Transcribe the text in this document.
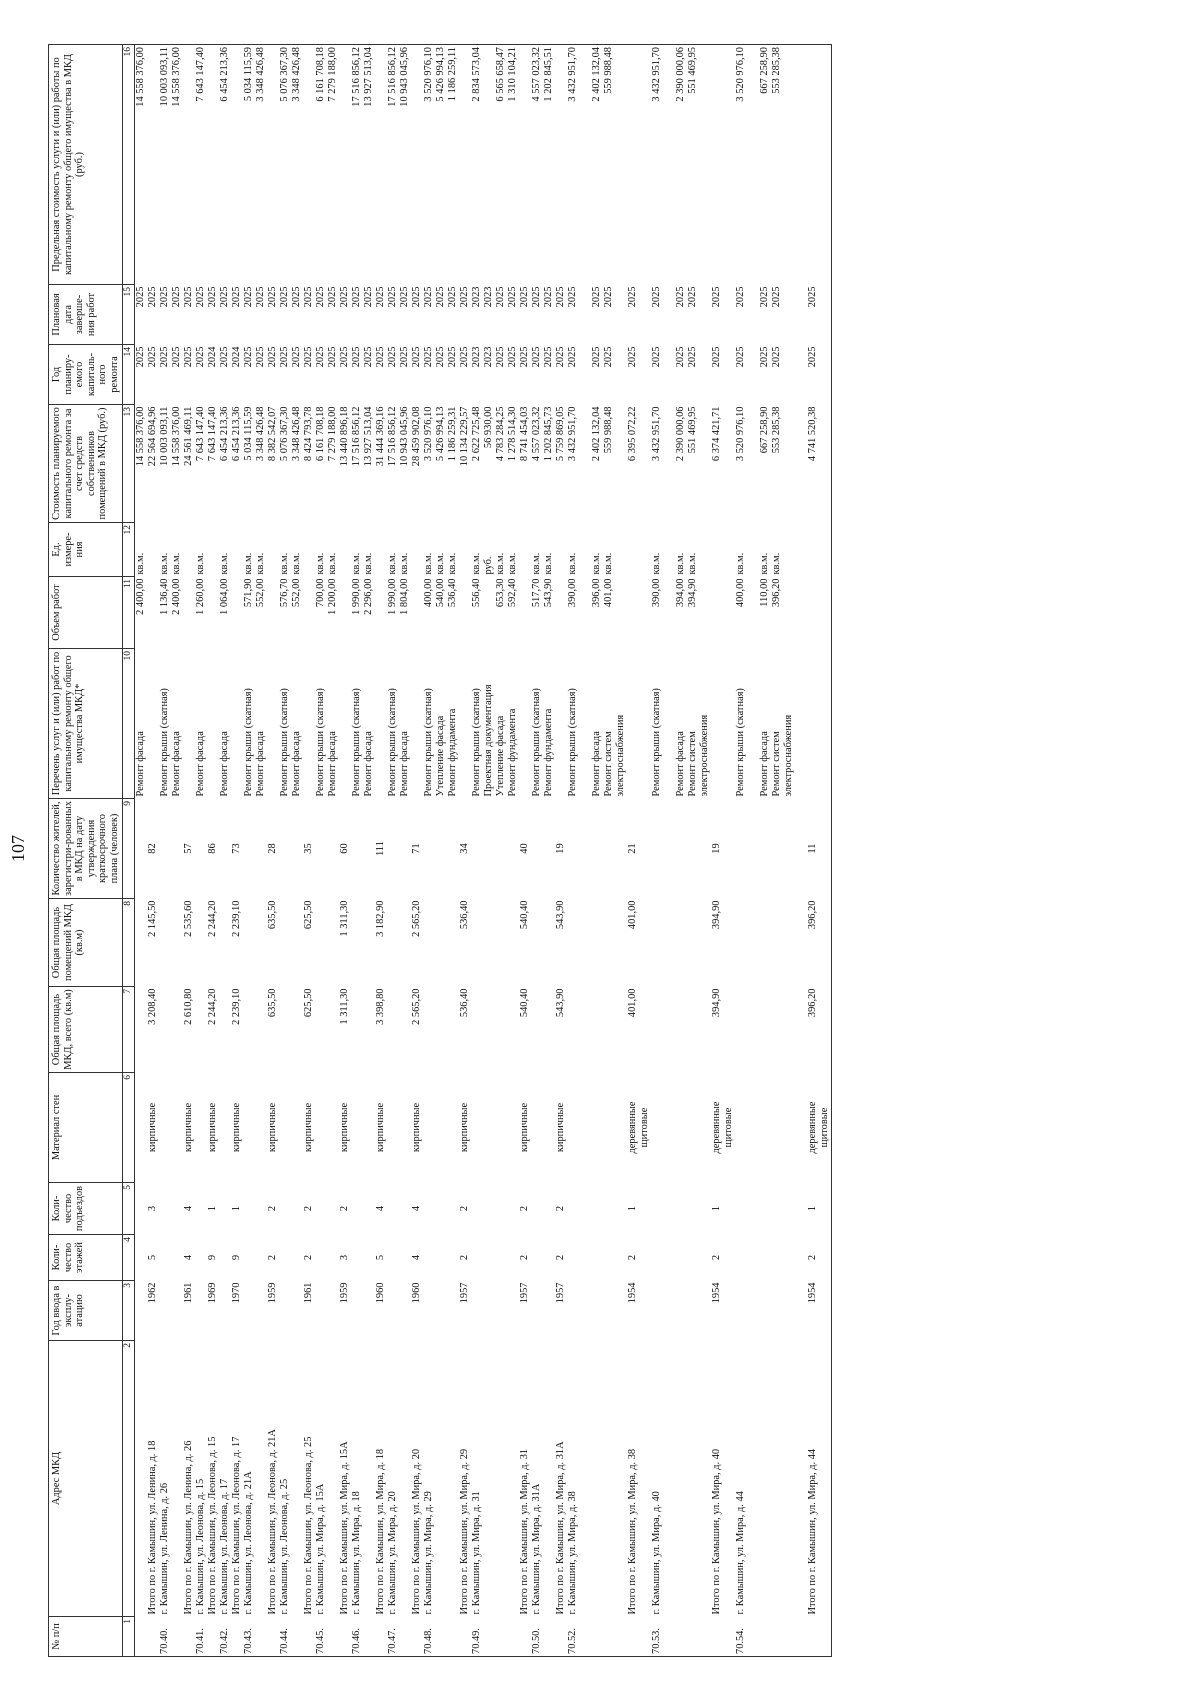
107
№ п/п	Адрес МКД	Год ввода в эксплу-атацию	Коли-чество этажей	Коли-чество подъездов	Материал стен	Общая площадь МКД, всего (кв.м)	Общая площадь помещений МКД (кв.м)	Количество жителей, зарегистри-рованных в МКД на дату утверждения краткосрочного плана (человек)	Перечень услуг и (или) работ по капитальному ремонту общего имущества МКД*	Объем работ	Ед. измере-ния	Стоимость планируемого капитального ремонта за счет средств собственников помещений в МКД (руб.)	Год планиру-емого капиталь-ного ремонта	Плановая дата заверше-ния работ	Предельная стоимость услуги и (или) работы по капитальному ремонту общего имущества в МКД (руб.)
1	2	3	4	5	6	7	8	9	10	11	12	13	14	15	16
									Ремонт фасада	2 400,00	кв.м.	14 558 376,00	2025	2025	14 558 376,00
	Итого по г. Камышин, ул. Ленина, д. 18	1962	5	3	кирпичные	3 208,40	2 145,50	82				22 564 694,96	2025	2025	
70.40.	г. Камышин, ул. Ленина, д. 26								Ремонт крыши (скатная)	1 136,40	кв.м.	10 003 093,11	2025	2025	10 003 093,11
									Ремонт фасада	2 400,00	кв.м.	14 558 376,00	2025	2025	14 558 376,00
	Итого по г. Камышин, ул. Ленина, д. 26	1961	4	4	кирпичные	2 610,80	2 535,60	57				24 561 469,11	2025	2025	
70.41.	г. Камышин, ул. Леонова, д. 15								Ремонт фасада	1 260,00	кв.м.	7 643 147,40	2025	2025	7 643 147,40
	Итого по г. Камышин, ул. Леонова, д. 15	1969	9	1	кирпичные	2 244,20	2 244,20	86				7 643 147,40	2024	2025	
70.42.	г. Камышин, ул. Леонова, д. 17								Ремонт фасада	1 064,00	кв.м.	6 454 213,36	2025	2025	6 454 213,36
	Итого по г. Камышин, ул. Леонова, д. 17	1970	9	1	кирпичные	2 239,10	2 239,10	73				6 454 213,36	2024	2025	
70.43.	г. Камышин, ул. Леонова, д. 21А								Ремонт крыши (скатная)	571,90	кв.м.	5 034 115,59	2025	2025	5 034 115,59
									Ремонт фасада	552,00	кв.м.	3 348 426,48	2025	2025	3 348 426,48
	Итого по г. Камышин, ул. Леонова, д. 21А	1959	2	2	кирпичные	635,50	635,50	28				8 382 542,07	2025	2025	
70.44.	г. Камышин, ул. Леонова, д. 25								Ремонт крыши (скатная)	576,70	кв.м.	5 076 367,30	2025	2025	5 076 367,30
									Ремонт фасада	552,00	кв.м.	3 348 426,48	2025	2025	3 348 426,48
	Итого по г. Камышин, ул. Леонова, д. 25	1961	2	2	кирпичные	625,50	625,50	35				8 424 793,78	2025	2025	
70.45.	г. Камышин, ул. Мира, д. 15А								Ремонт крыши (скатная)	700,00	кв.м.	6 161 708,18	2025	2025	6 161 708,18
									Ремонт фасада	1 200,00	кв.м.	7 279 188,00	2025	2025	7 279 188,00
	Итого по г. Камышин, ул. Мира, д. 15А	1959	3	2	кирпичные	1 311,30	1 311,30	60				13 440 896,18	2025	2025	
70.46.	г. Камышин, ул. Мира, д. 18								Ремонт крыши (скатная)	1 990,00	кв.м.	17 516 856,12	2025	2025	17 516 856,12
									Ремонт фасада	2 296,00	кв.м.	13 927 513,04	2025	2025	13 927 513,04
	Итого по г. Камышин, ул. Мира, д. 18	1960	5	4	кирпичные	3 398,80	3 182,90	111				31 444 369,16	2025	2025	
70.47.	г. Камышин, ул. Мира, д. 20								Ремонт крыши (скатная)	1 990,00	кв.м.	17 516 856,12	2025	2025	17 516 856,12
									Ремонт фасада	1 804,00	кв.м.	10 943 045,96	2025	2025	10 943 045,96
	Итого по г. Камышин, ул. Мира, д. 20	1960	4	4	кирпичные	2 565,20	2 565,20	71				28 459 902,08	2025	2025	
70.48.	г. Камышин, ул. Мира, д. 29								Ремонт крыши (скатная)	400,00	кв.м.	3 520 976,10	2025	2025	3 520 976,10
									Утепление фасада	540,00	кв.м.	5 426 994,13	2025	2025	5 426 994,13
									Ремонт фундамента	536,40	кв.м.	1 186 259,31	2025	2025	1 186 259,11
	Итого по г. Камышин, ул. Мира, д. 29	1957	2	2	кирпичные	536,40	536,40	34				10 134 229,57	2025	2025	
70.49.	г. Камышин, ул. Мира, д. 31								Ремонт крыши (скатная)	556,40	кв.м.	2 622 725,48	2023	2023	2 834 573,04
									Проектная документация		руб.	56 930,00	2023	2023	
									Утепление фасада	653,30	кв.м.	4 783 284,25	2025	2025	6 565 658,47
									Ремонт фундамента	592,40	кв.м.	1 278 514,30	2025	2025	1 310 104,21
	Итого по г. Камышин, ул. Мира, д. 31	1957	2	2	кирпичные	540,40	540,40	40				8 741 454,03	2025	2025	
70.50.	г. Камышин, ул. Мира, д. 31А								Ремонт крыши (скатная)	517,70	кв.м.	4 557 023,32	2025	2025	4 557 023,32
									Ремонт фундамента	543,90	кв.м.	1 202 845,73	2025	2025	1 202 845,51
	Итого по г. Камышин, ул. Мира, д. 31А	1957	2	2	кирпичные	543,90	543,90	19				5 759 869,05	2025	2025	
70.52.	г. Камышин, ул. Мира, д. 38								Ремонт крыши (скатная)	390,00	кв.м.	3 432 951,70	2025	2025	3 432 951,70

									Ремонт фасада	396,00	кв.м.	2 402 132,04	2025	2025	2 402 132,04
									Ремонт систем	401,00	кв.м.	559 988,48	2025	2025	559 988,48
									электроснабжения						
	Итого по г. Камышин, ул. Мира, д. 38	1954	2	1	деревянные	401,00	401,00	21				6 395 072,22	2025	2025	
					щитовые										
70.53.	г. Камышин, ул. Мира, д. 40								Ремонт крыши (скатная)	390,00	кв.м.	3 432 951,70	2025	2025	3 432 951,70

									Ремонт фасада	394,00	кв.м.	2 390 000,06	2025	2025	2 390 000,06
									Ремонт систем	394,90	кв.м.	551 469,95	2025	2025	551 469,95
									электроснабжения						
	Итого по г. Камышин, ул. Мира, д. 40	1954	2	1	деревянные	394,90	394,90	19				6 374 421,71	2025	2025	
					щитовые										
70.54.	г. Камышин, ул. Мира, д. 44								Ремонт крыши (скатная)	400,00	кв.м.	3 520 976,10	2025	2025	3 520 976,10

									Ремонт фасада	110,00	кв.м.	667 258,90	2025	2025	667 258,90
									Ремонт систем	396,20	кв.м.	553 285,38	2025	2025	553 285,38
									электроснабжения						

	Итого по г. Камышин, ул. Мира, д. 44	1954	2	1	деревянные	396,20	396,20	11				4 741 520,38	2025	2025	
					щитовые										
